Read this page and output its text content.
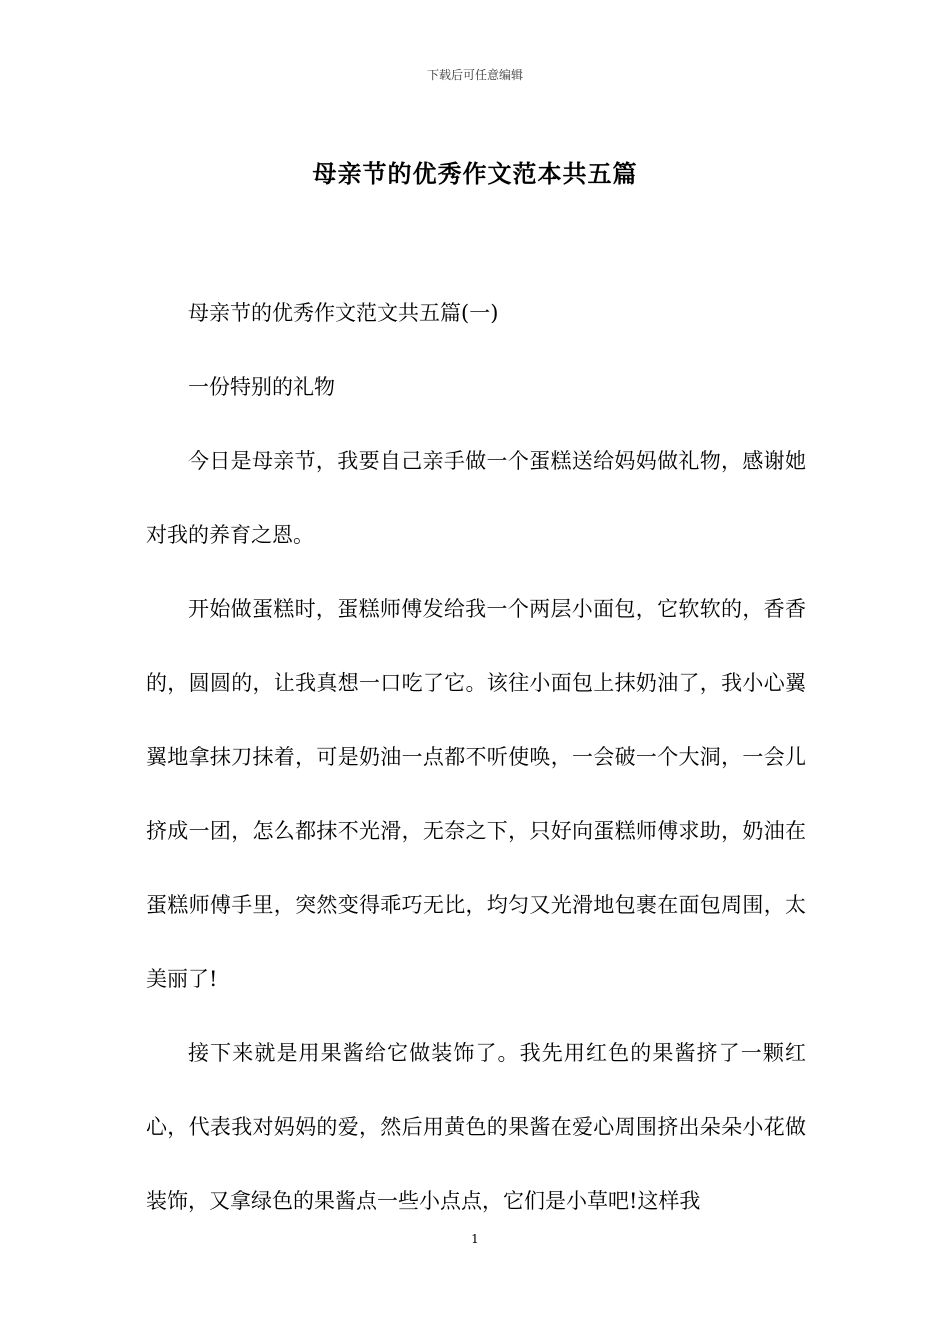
下载后可任意编辑
母亲节的优秀作文范本共五篇

母亲节的优秀作文范文共五篇(一)

一份特别的礼物

今日是母亲节，我要自己亲手做一个蛋糕送给妈妈做礼物，感谢她对我的养育之恩。

开始做蛋糕时，蛋糕师傅发给我一个两层小面包，它软软的，香香的，圆圆的，让我真想一口吃了它。该往小面包上抹奶油了，我小心翼翼地拿抹刀抹着，可是奶油一点都不听使唤，一会破一个大洞，一会儿挤成一团，怎么都抹不光滑，无奈之下，只好向蛋糕师傅求助，奶油在蛋糕师傅手里，突然变得乖巧无比，均匀又光滑地包裹在面包周围，太美丽了!

接下来就是用果酱给它做装饰了。我先用红色的果酱挤了一颗红心，代表我对妈妈的爱，然后用黄色的果酱在爱心周围挤出朵朵小花做装饰，又拿绿色的果酱点一些小点点，它们是小草吧!这样我

1
